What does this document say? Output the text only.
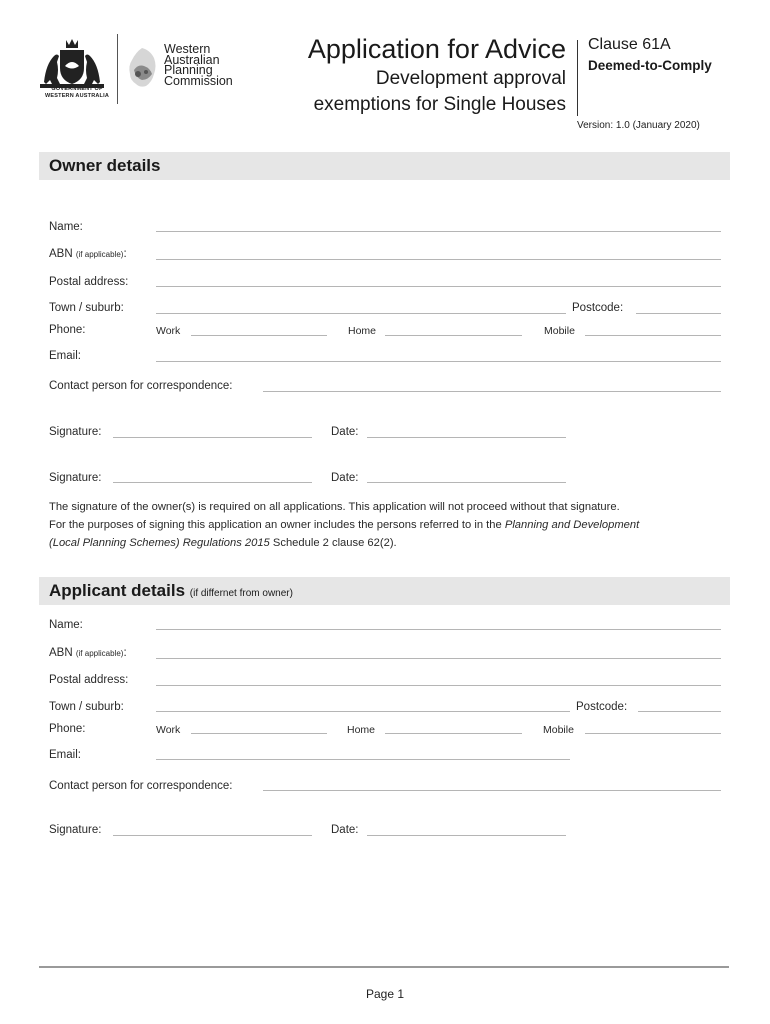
GOVERNMENT OF WESTERN AUSTRALIA
Western
Australian
Planning
Commission
Application for Advice
Development approval
exemptions for Single Houses
Clause 61A
Deemed-to-Comply
Version: 1.0 (January 2020)
Owner details
Name:
ABN (if applicable):
Postal address:
Town / suburb:	Postcode:
Phone:	Work	Home	Mobile
Email:
Contact person for correspondence:
Signature:	Date:
Signature:	Date:
The signature of the owner(s) is required on all applications. This application will not proceed without that signature.
For the purposes of signing this application an owner includes the persons referred to in the Planning and Development
(Local Planning Schemes) Regulations 2015 Schedule 2 clause 62(2).
Applicant details (if differnet from owner)
Name:
ABN (if applicable):
Postal address:
Town / suburb:	Postcode:
Phone:	Work	Home	Mobile
Email:
Contact person for correspondence:
Signature:	Date:
Page 1
